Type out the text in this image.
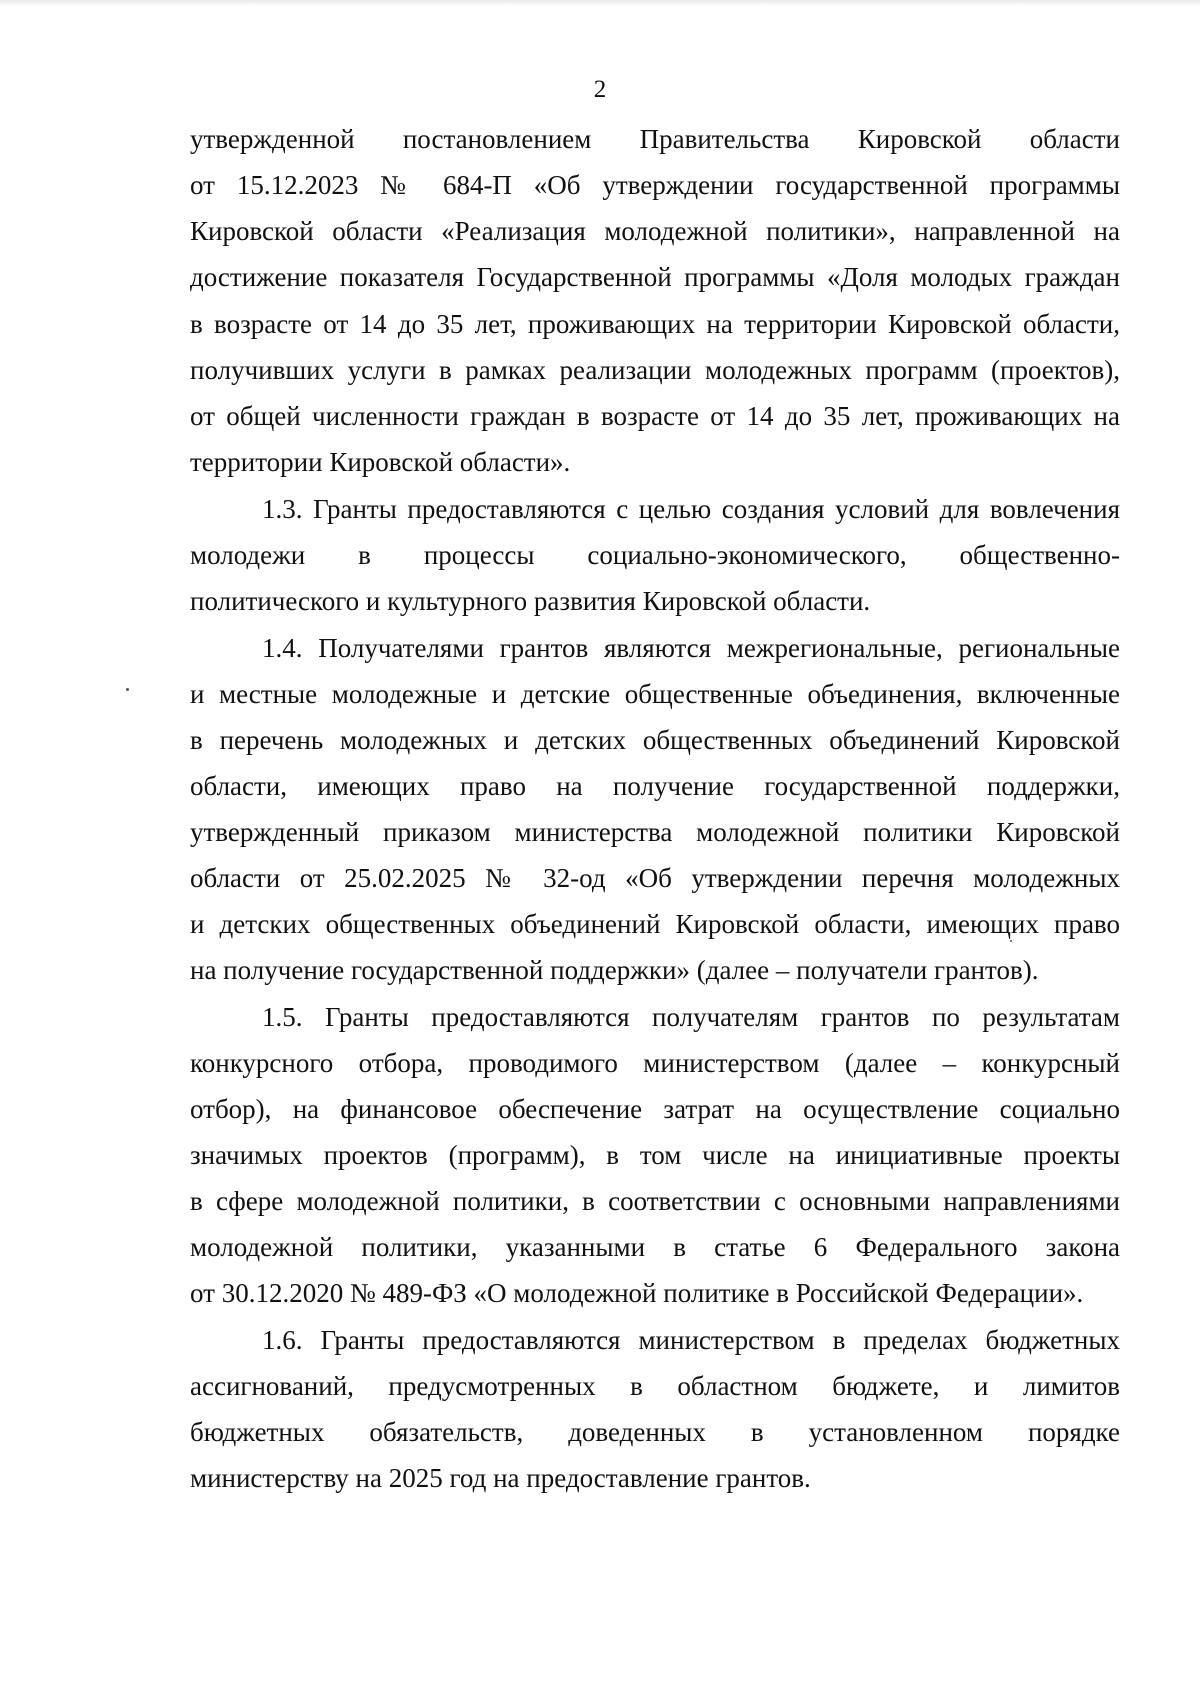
2
утвержденной постановлением Правительства Кировской области
от 15.12.2023 № 684-П «Об утверждении государственной программы
Кировской области «Реализация молодежной политики», направленной на
достижение показателя Государственной программы «Доля молодых граждан
в возрасте от 14 до 35 лет, проживающих на территории Кировской области,
получивших услуги в рамках реализации молодежных программ (проектов),
от общей численности граждан в возрасте от 14 до 35 лет, проживающих на
территории Кировской области».
1.3. Гранты предоставляются с целью создания условий для вовлечения
молодежи в процессы социально-экономического, общественно-
политического и культурного развития Кировской области.
1.4. Получателями грантов являются межрегиональные, региональные
и местные молодежные и детские общественные объединения, включенные
в перечень молодежных и детских общественных объединений Кировской
области, имеющих право на получение государственной поддержки,
утвержденный приказом министерства молодежной политики Кировской
области от 25.02.2025 № 32-од «Об утверждении перечня молодежных
и детских общественных объединений Кировской области, имеющих право
на получение государственной поддержки» (далее – получатели грантов).
1.5. Гранты предоставляются получателям грантов по результатам
конкурсного отбора, проводимого министерством (далее – конкурсный
отбор), на финансовое обеспечение затрат на осуществление социально
значимых проектов (программ), в том числе на инициативные проекты
в сфере молодежной политики, в соответствии с основными направлениями
молодежной политики, указанными в статье 6 Федерального закона
от 30.12.2020 № 489-ФЗ «О молодежной политике в Российской Федерации».
1.6. Гранты предоставляются министерством в пределах бюджетных
ассигнований, предусмотренных в областном бюджете, и лимитов
бюджетных обязательств, доведенных в установленном порядке
министерству на 2025 год на предоставление грантов.
